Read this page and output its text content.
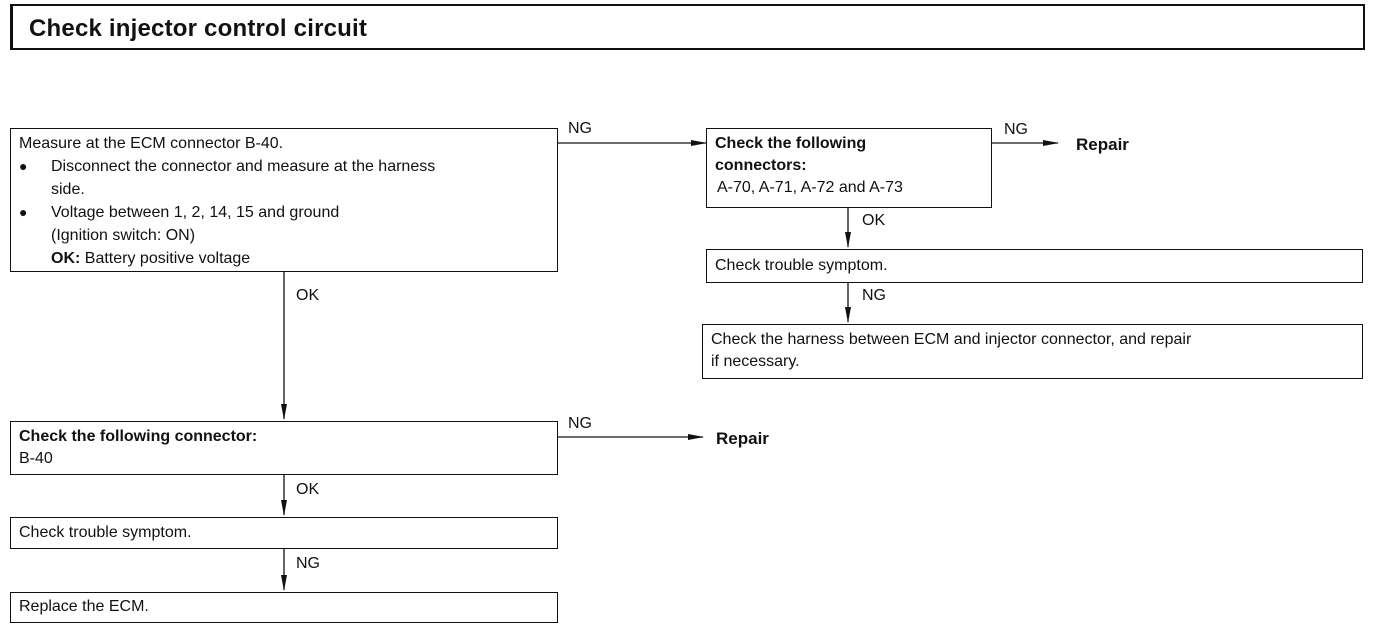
Check injector control circuit
Measure at the ECM connector B-40.
●	Disconnect the connector and measure at the harness
side.
●	Voltage between 1, 2, 14, 15 and ground
(Ignition switch: ON)
OK: Battery positive voltage
Check the following
connectors:
A-70, A-71, A-72 and A-73
Check trouble symptom.
Check the harness between ECM and injector connector, and repair
if necessary.
Check the following connector:
B-40
Check trouble symptom.
Replace the ECM.
NG	NG
OK
NG
OK
NG
OK
NG
Repair
Repair
